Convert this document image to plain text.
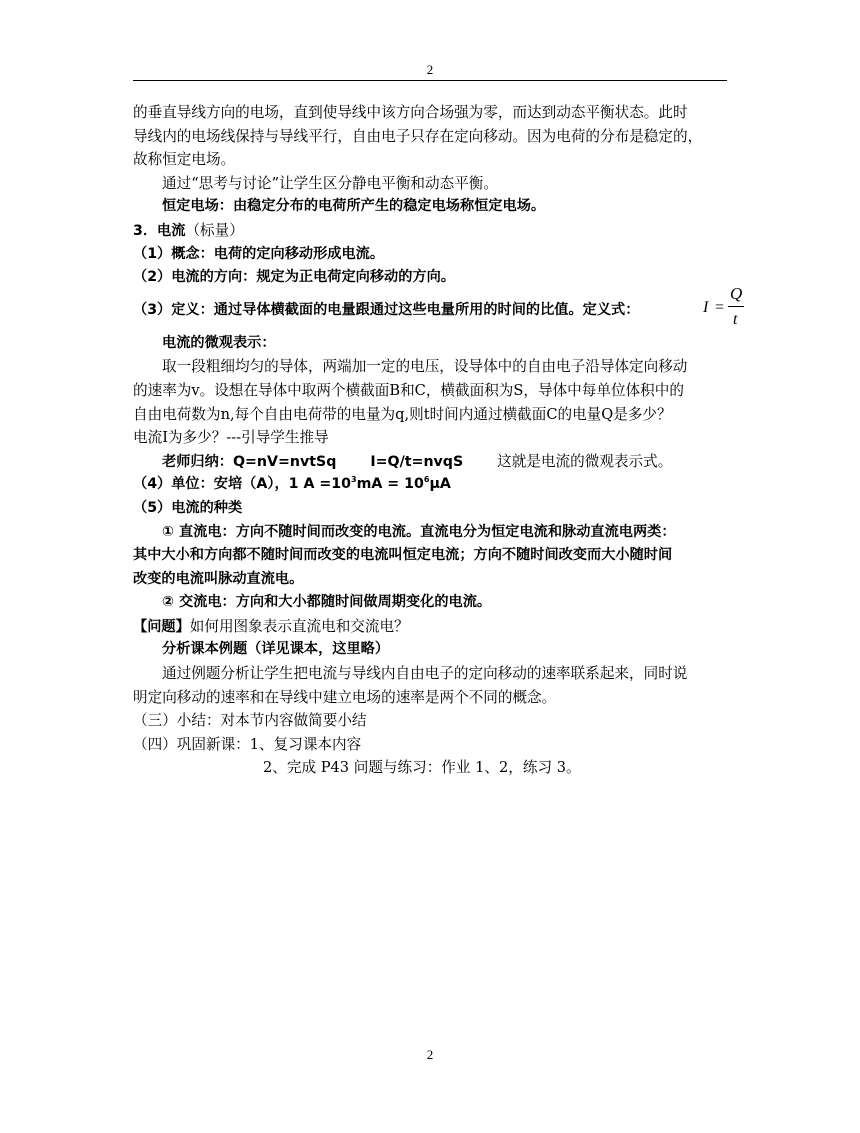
2
的垂直导线方向的电场，直到使导线中该方向合场强为零，而达到动态平衡状态。此时
导线内的电场线保持与导线平行，自由电子只存在定向移动。因为电荷的分布是稳定的，
故称恒定电场。
通过“思考与讨论”让学生区分静电平衡和动态平衡。
恒定电场：由稳定分布的电荷所产生的稳定电场称恒定电场。
3．电流（标量）
（1）概念：电荷的定向移动形成电流。
（2）电流的方向：规定为正电荷定向移动的方向。
（3）定义：通过导体横截面的电量跟通过这些电量所用的时间的比值。定义式：	I =
Q
t
电流的微观表示：
取一段粗细均匀的导体，两端加一定的电压，设导体中的自由电子沿导体定向移动
的速率为v。设想在导体中取两个横截面B和C，横截面积为S，导体中每单位体积中的
自由电荷数为n,每个自由电荷带的电量为q,则t时间内通过横截面C的电量Q是多少？
电流I为多少？---引导学生推导
老师归纳：Q=nV=nvtSq I=Q/t=nvqS 这就是电流的微观表示式。
（4）单位：安培（A），1 $A =10^3mA = 10^6\mu A$
（5）电流的种类
① 直流电：方向不随时间而改变的电流。直流电分为恒定电流和脉动直流电两类：
其中大小和方向都不随时间而改变的电流叫恒定电流；方向不随时间改变而大小随时间
改变的电流叫脉动直流电。
② 交流电：方向和大小都随时间做周期变化的电流。
【问题】如何用图象表示直流电和交流电？
分析课本例题（详见课本，这里略）
通过例题分析让学生把电流与导线内自由电子的定向移动的速率联系起来，同时说
明定向移动的速率和在导线中建立电场的速率是两个不同的概念。
（三）小结：对本节内容做简要小结
（四）巩固新课：1、复习课本内容
2、完成 P43 问题与练习：作业 1、2，练习 3。
2
